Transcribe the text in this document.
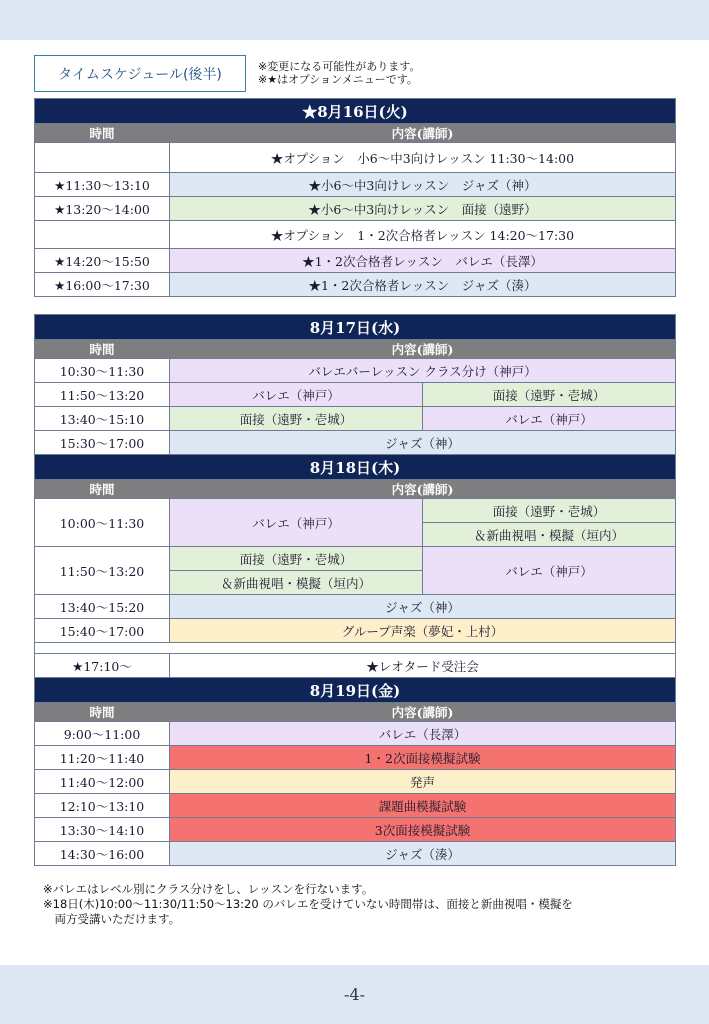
タイムスケジュール(後半)	※変更になる可能性があります。
※★はオプションメニューです。
★8月16日(火)	
時間	内容(講師)
	★オプション　小6〜中3向けレッスン 11:30〜14:00
★11:30〜13:10	★小6〜中3向けレッスン　ジャズ（神）
★13:20〜14:00	★小6〜中3向けレッスン　面接（遠野）
	★オプション　1・2次合格者レッスン 14:20〜17:30
★14:20〜15:50	★1・2次合格者レッスン　バレエ（長澤）
★16:00〜17:30	★1・2次合格者レッスン　ジャズ（湊）
8月17日(水)		
時間	内容(講師)	
10:30〜11:30	バレエバーレッスン クラス分け（神戸）	
11:50〜13:20	バレエ（神戸）	面接（遠野・壱城）
13:40〜15:10	面接（遠野・壱城）	バレエ（神戸）
15:30〜17:00	ジャズ（神）	
8月18日(木)		
時間	内容(講師)	
10:00〜11:30	バレエ（神戸）	面接（遠野・壱城）
		＆新曲視唱・模擬（垣内）
11:50〜13:20	面接（遠野・壱城）	バレエ（神戸）
	＆新曲視唱・模擬（垣内）	
13:40〜15:20	ジャズ（神）	
15:40〜17:00	グループ声楽（夢妃・上村）	

★17:10〜	★レオタード受注会	
8月19日(金)		
時間	内容(講師)	
9:00〜11:00	バレエ（長澤）	
11:20〜11:40	1・2次面接模擬試験	
11:40〜12:00	発声	
12:10〜13:10	課題曲模擬試験	
13:30〜14:10	3次面接模擬試験	
14:30〜16:00	ジャズ（湊）	
※バレエはレベル別にクラス分けをし、レッスンを行ないます。
※18日(木)10:00〜11:30/11:50〜13:20 のバレエを受けていない時間帯は、面接と新曲視唱・模擬を
　両方受講いただけます。
-4-
